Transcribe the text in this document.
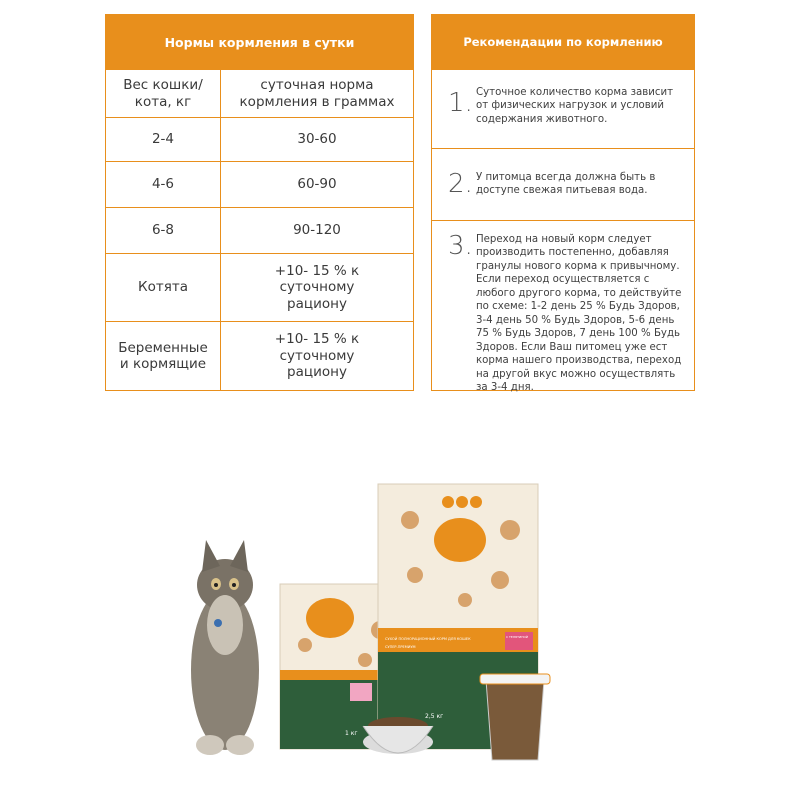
Нормы кормления в сутки
Вес кошки/ кота, кг	суточная норма кормления в граммах
2-4	30-60
4-6	60-90
6-8	90-120
Котята	+10- 15 % к суточному рациону
Беременные и кормящие	+10- 15 % к суточному рациону
Рекомендации по кормлению
1. Суточное количество корма зависит от физических нагрузок и условий содержания животного.
2. У питомца всегда должна быть в доступе свежая питьевая вода.
3. Переход на новый корм следует производить постепенно, добавляя гранулы нового корма к привычному. Если переход осуществляется с любого другого корма, то действуйте по схеме: 1-2 день 25 % Будь Здоров, 3-4 день 50 % Будь Здоров, 5-6 день 75 % Будь Здоров, 7 день 100 % Будь Здоров. Если Ваш питомец уже ест корма нашего производства, переход на другой вкус можно осуществлять за 3-4 дня.
1 кг
СУХОЙ ПОЛНОРАЦИОННЫЙ КОРМ ДЛЯ КОШЕК
СУПЕР-ПРЕМИУМ
С ТЕЛЯТИНОЙ
2,5 кг
